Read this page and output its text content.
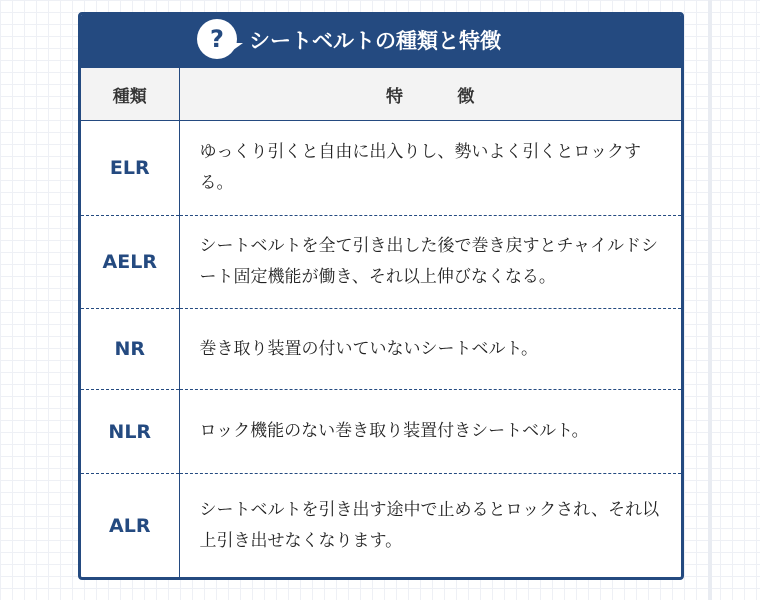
?	シートベルトの種類と特徴
種類	特　徴
ELR	ゆっくり引くと自由に出入りし、勢いよく引くとロックする。
AELR	シートベルトを全て引き出した後で巻き戻すとチャイルドシート固定機能が働き、それ以上伸びなくなる。
NR	巻き取り装置の付いていないシートベルト。
NLR	ロック機能のない巻き取り装置付きシートベルト。
ALR	シートベルトを引き出す途中で止めるとロックされ、それ以上引き出せなくなります。
